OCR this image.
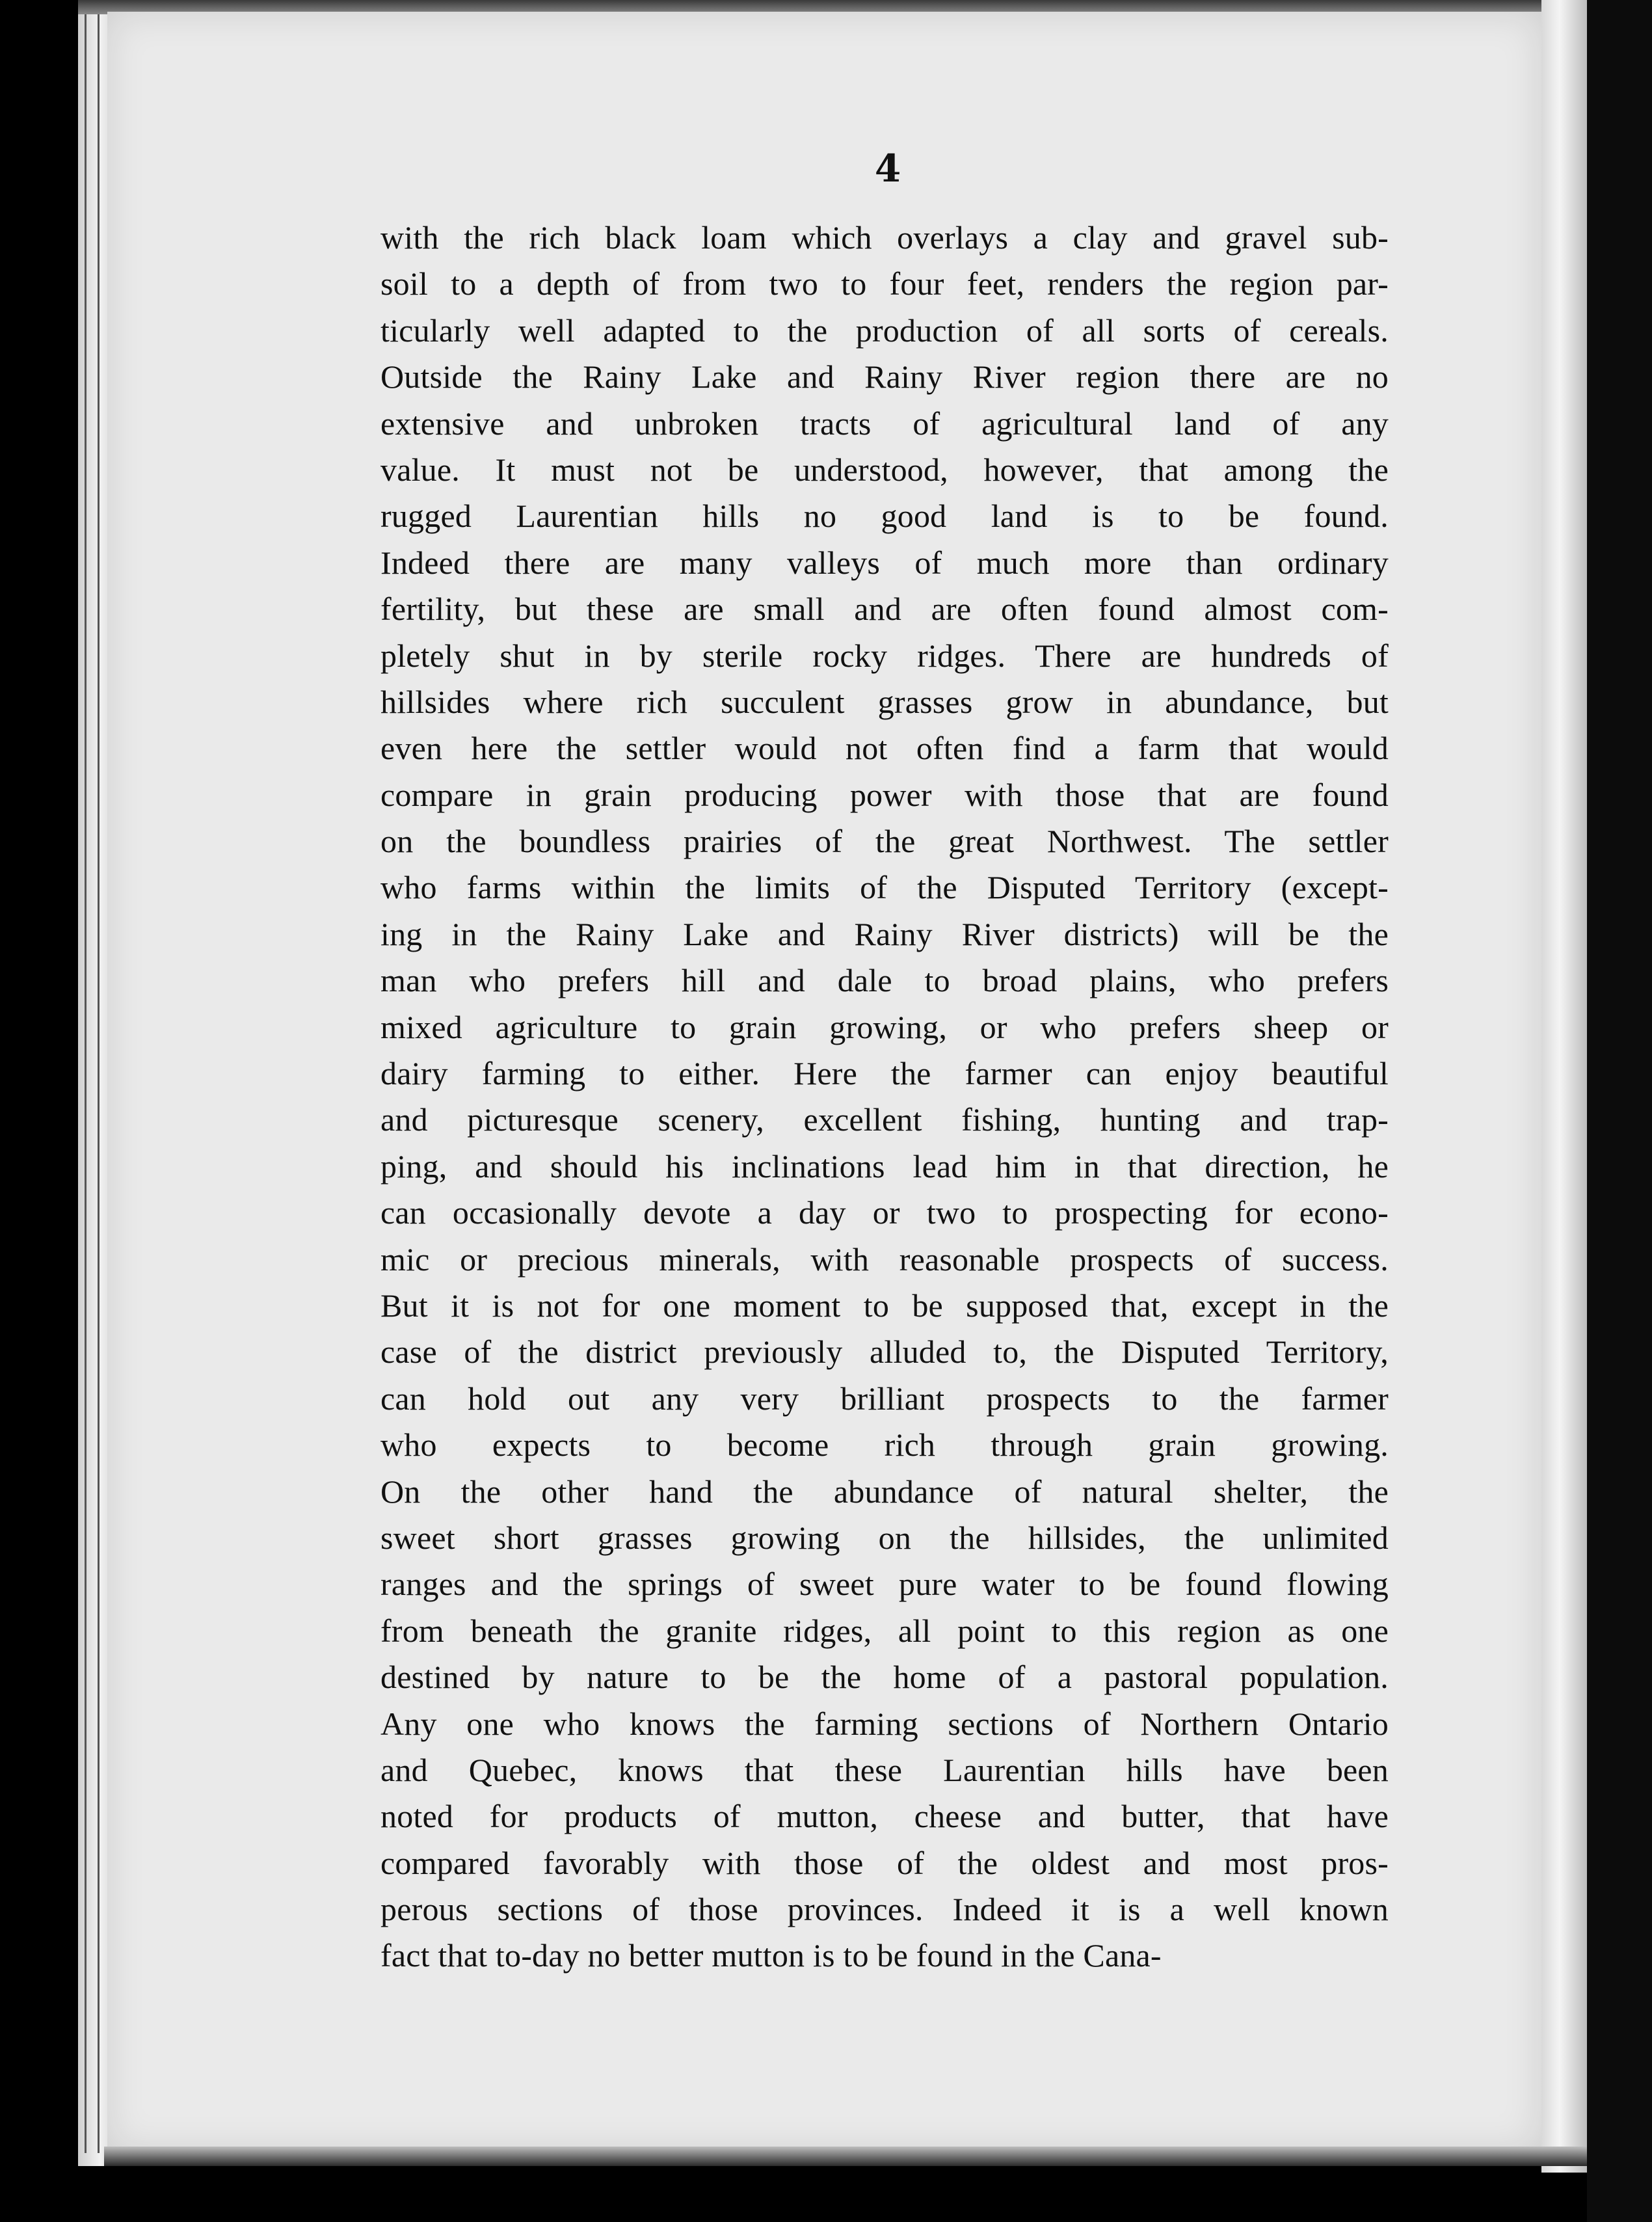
4

with the rich black loam which overlays a clay and gravel sub-
soil to a depth of from two to four feet, renders the region par-
ticularly well adapted to the production of all sorts of cereals.
Outside the Rainy Lake and Rainy River region there are no
extensive and unbroken tracts of agricultural land of any
value. It must not be understood, however, that among the
rugged Laurentian hills no good land is to be found.
Indeed there are many valleys of much more than ordinary
fertility, but these are small and are often found almost com-
pletely shut in by sterile rocky ridges. There are hundreds of
hillsides where rich succulent grasses grow in abundance, but
even here the settler would not often find a farm that would
compare in grain producing power with those that are found
on the boundless prairies of the great Northwest. The settler
who farms within the limits of the Disputed Territory (except-
ing in the Rainy Lake and Rainy River districts) will be the
man who prefers hill and dale to broad plains, who prefers
mixed agriculture to grain growing, or who prefers sheep or
dairy farming to either. Here the farmer can enjoy beautiful
and picturesque scenery, excellent fishing, hunting and trap-
ping, and should his inclinations lead him in that direction, he
can occasionally devote a day or two to prospecting for econo-
mic or precious minerals, with reasonable prospects of success.
But it is not for one moment to be supposed that, except in the
case of the district previously alluded to, the Disputed Territory,
can hold out any very brilliant prospects to the farmer
who expects to become rich through grain growing.
On the other hand the abundance of natural shelter, the
sweet short grasses growing on the hillsides, the unlimited
ranges and the springs of sweet pure water to be found flowing
from beneath the granite ridges, all point to this region as one
destined by nature to be the home of a pastoral population.
Any one who knows the farming sections of Northern Ontario
and Quebec, knows that these Laurentian hills have been
noted for products of mutton, cheese and butter, that have
compared favorably with those of the oldest and most pros-
perous sections of those provinces. Indeed it is a well known
fact that to-day no better mutton is to be found in the Cana-
